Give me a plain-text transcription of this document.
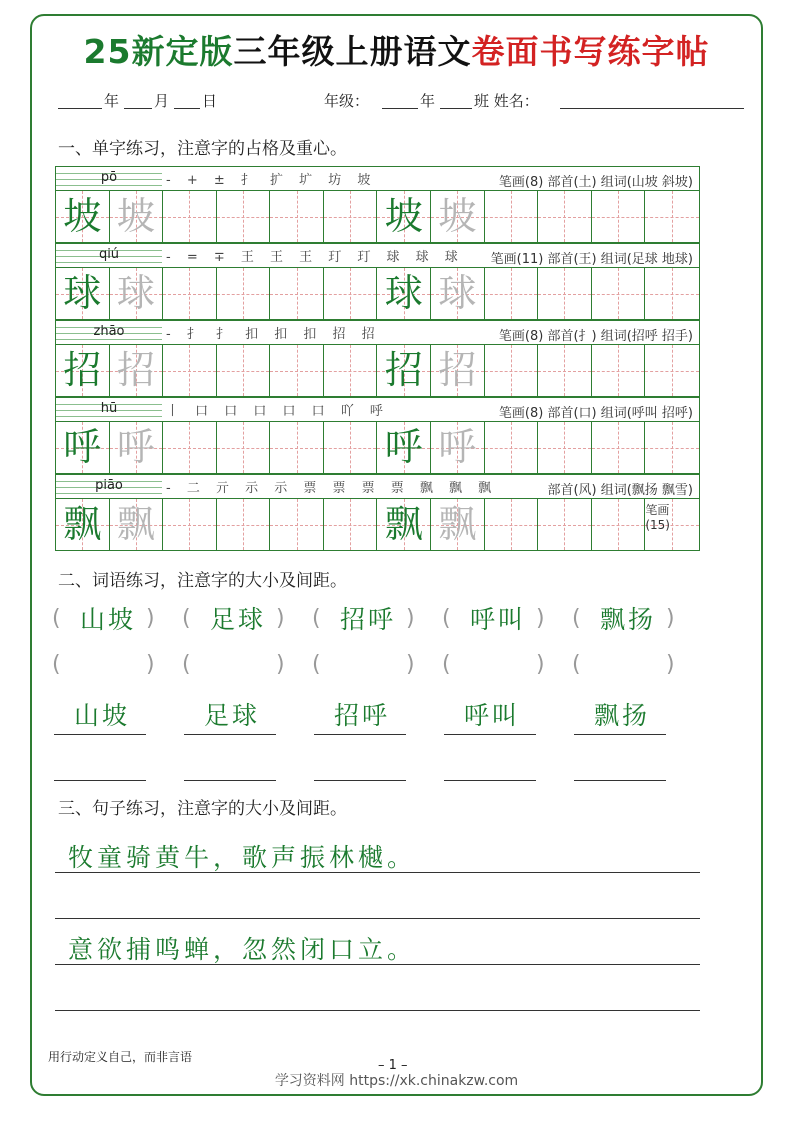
25新定版三年级上册语文卷面书写练字帖
年 月 日	年级：	年	班 姓名：
一、单字练习，注意字的占格及重心。
pō	- + ± 扌 扩 圹 坊 坡	笔画(8) 部首(土) 组词(山坡 斜坡)
坡 坡	坡 坡
qiú	- = ∓ 王 王 王 玎 玎 球 球 球 笔画(11) 部首(王) 组词(足球 地球)
球 球	球 球
zhāo	- 扌 扌 扣 扣 扣 招 招	笔画(8) 部首(扌) 组词(招呼 招手)
招 招	招 招
hū	丨 口 口 口 口 口 吖 呼	笔画(8) 部首(口) 组词(呼叫 招呼)
呼 呼	呼 呼
piāo	- 二 亓 示 示 票 票 票 票 飘 飘 飘	部首(风) 组词(飘扬 飘雪)
飘 飘	飘 飘	笔画(15)
二、词语练习，注意字的大小及间距。
( 山坡 )
(	)
山坡
( 足球 )
(	)
足球
( 招呼 )
(	)
招呼
( 呼叫 )
(	)
呼叫
( 飘扬 )
(	)
飘扬
三、句子练习，注意字的大小及间距。
牧童骑黄牛，歌声振林樾。
意欲捕鸣蝉，忽然闭口立。
用行动定义自己，而非言语
– 1 –
学习资料网 https://xk.chinakzw.com
